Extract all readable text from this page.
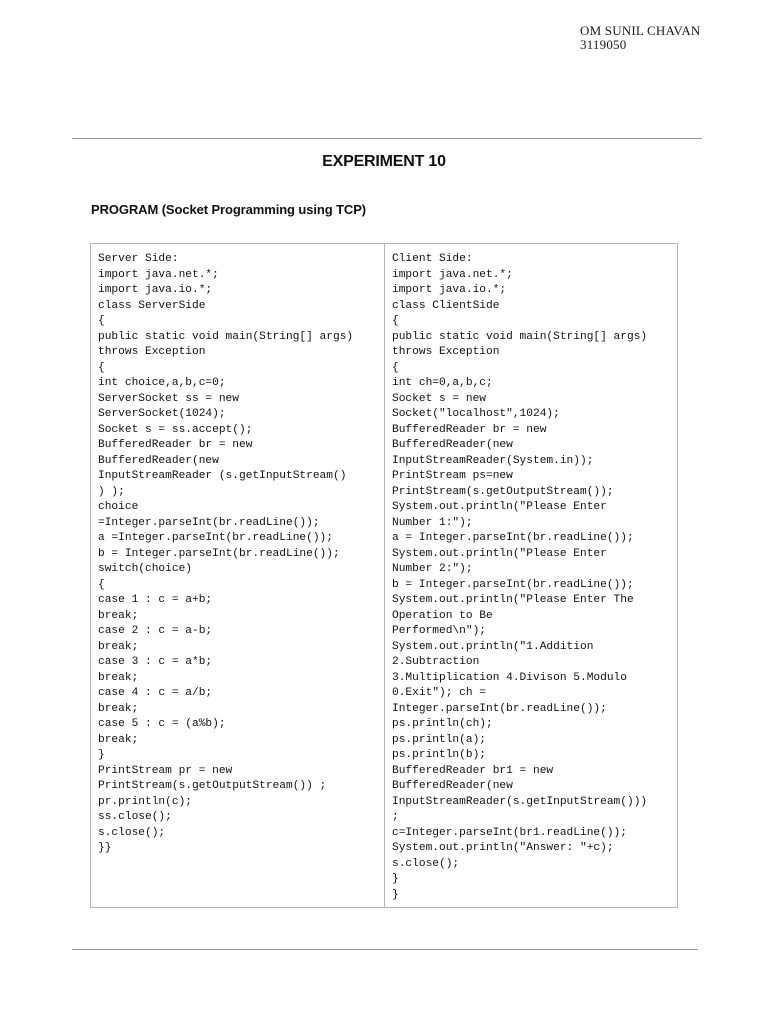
OM SUNIL CHAVAN
3119050
EXPERIMENT 10
PROGRAM (Socket Programming using TCP)
Server Side:
import java.net.*;
import java.io.*;
class ServerSide
{
public static void main(String[] args)
throws Exception
{
int choice,a,b,c=0;
ServerSocket ss = new
ServerSocket(1024);
Socket s = ss.accept();
BufferedReader br = new
BufferedReader(new
InputStreamReader (s.getInputStream()
) );
choice
=Integer.parseInt(br.readLine());
a =Integer.parseInt(br.readLine());
b = Integer.parseInt(br.readLine());
switch(choice)
{
case 1 : c = a+b;
break;
case 2 : c = a-b;
break;
case 3 : c = a*b;
break;
case 4 : c = a/b;
break;
case 5 : c = (a%b);
break;
}
PrintStream pr = new
PrintStream(s.getOutputStream()) ;
pr.println(c);
ss.close();
s.close();
}}
Client Side:
import java.net.*;
import java.io.*;
class ClientSide
{
public static void main(String[] args)
throws Exception
{
int ch=0,a,b,c;
Socket s = new
Socket("localhost",1024);
BufferedReader br = new
BufferedReader(new
InputStreamReader(System.in));
PrintStream ps=new
PrintStream(s.getOutputStream());
System.out.println("Please Enter
Number 1:");
a = Integer.parseInt(br.readLine());
System.out.println("Please Enter
Number 2:");
b = Integer.parseInt(br.readLine());
System.out.println("Please Enter The
Operation to Be
Performed\n");
System.out.println("1.Addition
2.Subtraction
3.Multiplication 4.Divison 5.Modulo
0.Exit"); ch =
Integer.parseInt(br.readLine());
ps.println(ch);
ps.println(a);
ps.println(b);
BufferedReader br1 = new
BufferedReader(new
InputStreamReader(s.getInputStream()))
;
c=Integer.parseInt(br1.readLine());
System.out.println("Answer: "+c);
s.close();
}
}
